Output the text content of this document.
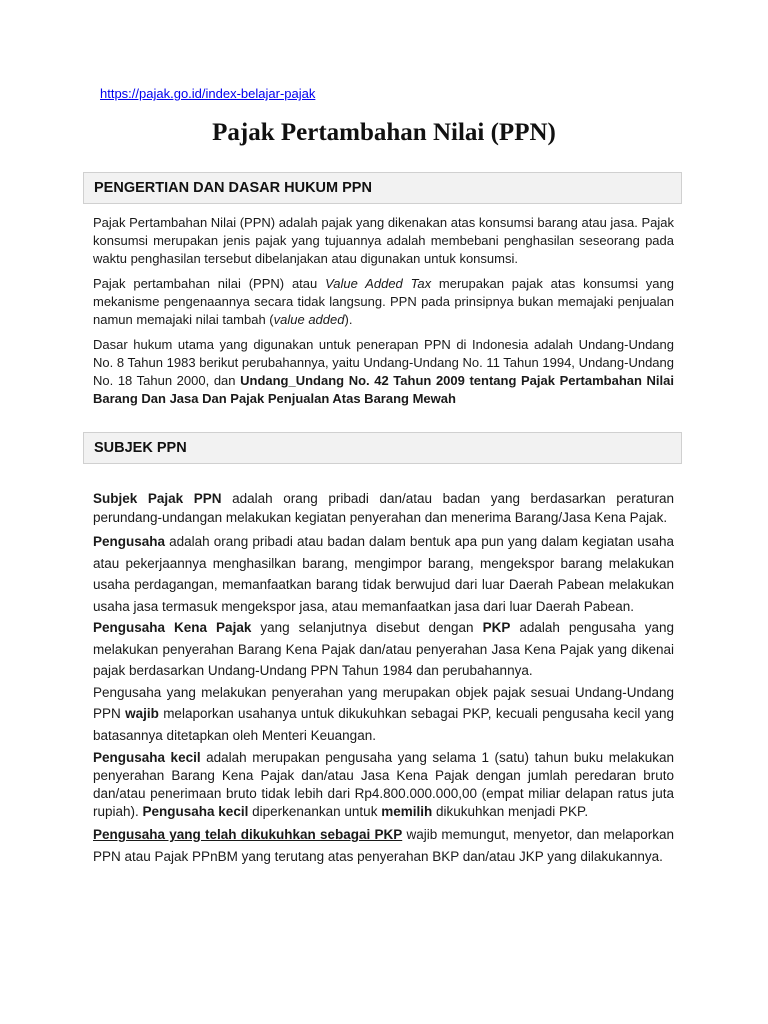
https://pajak.go.id/index-belajar-pajak
Pajak Pertambahan Nilai (PPN)
PENGERTIAN DAN DASAR HUKUM PPN

Pajak Pertambahan Nilai (PPN) adalah pajak yang dikenakan atas konsumsi barang atau jasa. Pajak konsumsi merupakan jenis pajak yang tujuannya adalah membebani penghasilan seseorang pada waktu penghasilan tersebut dibelanjakan atau digunakan untuk konsumsi.

Pajak pertambahan nilai (PPN) atau Value Added Tax merupakan pajak atas konsumsi yang mekanisme pengenaannya secara tidak langsung. PPN pada prinsipnya bukan memajaki penjualan namun memajaki nilai tambah (value added).

Dasar hukum utama yang digunakan untuk penerapan PPN di Indonesia adalah Undang-Undang No. 8 Tahun 1983 berikut perubahannya, yaitu Undang-Undang No. 11 Tahun 1994, Undang-Undang No. 18 Tahun 2000, dan Undang_Undang No. 42 Tahun 2009 tentang Pajak Pertambahan Nilai Barang Dan Jasa Dan Pajak Penjualan Atas Barang Mewah

SUBJEK PPN

Subjek Pajak PPN adalah orang pribadi dan/atau badan yang berdasarkan peraturan perundang-undangan melakukan kegiatan penyerahan dan menerima Barang/Jasa Kena Pajak.

Pengusaha adalah orang pribadi atau badan dalam bentuk apa pun yang dalam kegiatan usaha atau pekerjaannya menghasilkan barang, mengimpor barang, mengekspor barang melakukan usaha perdagangan, memanfaatkan barang tidak berwujud dari luar Daerah Pabean melakukan usaha jasa termasuk mengekspor jasa, atau memanfaatkan jasa dari luar Daerah Pabean.

Pengusaha Kena Pajak yang selanjutnya disebut dengan PKP adalah pengusaha yang melakukan penyerahan Barang Kena Pajak dan/atau penyerahan Jasa Kena Pajak yang dikenai pajak berdasarkan Undang-Undang PPN Tahun 1984 dan perubahannya.

Pengusaha yang melakukan penyerahan yang merupakan objek pajak sesuai Undang-Undang PPN wajib melaporkan usahanya untuk dikukuhkan sebagai PKP, kecuali pengusaha kecil yang batasannya ditetapkan oleh Menteri Keuangan.

Pengusaha kecil adalah merupakan pengusaha yang selama 1 (satu) tahun buku melakukan penyerahan Barang Kena Pajak dan/atau Jasa Kena Pajak dengan jumlah peredaran bruto dan/atau penerimaan bruto tidak lebih dari Rp4.800.000.000,00 (empat miliar delapan ratus juta rupiah). Pengusaha kecil diperkenankan untuk memilih dikukuhkan menjadi PKP.

Pengusaha yang telah dikukuhkan sebagai PKP wajib memungut, menyetor, dan melaporkan PPN atau Pajak PPnBM yang terutang atas penyerahan BKP dan/atau JKP yang dilakukannya.
